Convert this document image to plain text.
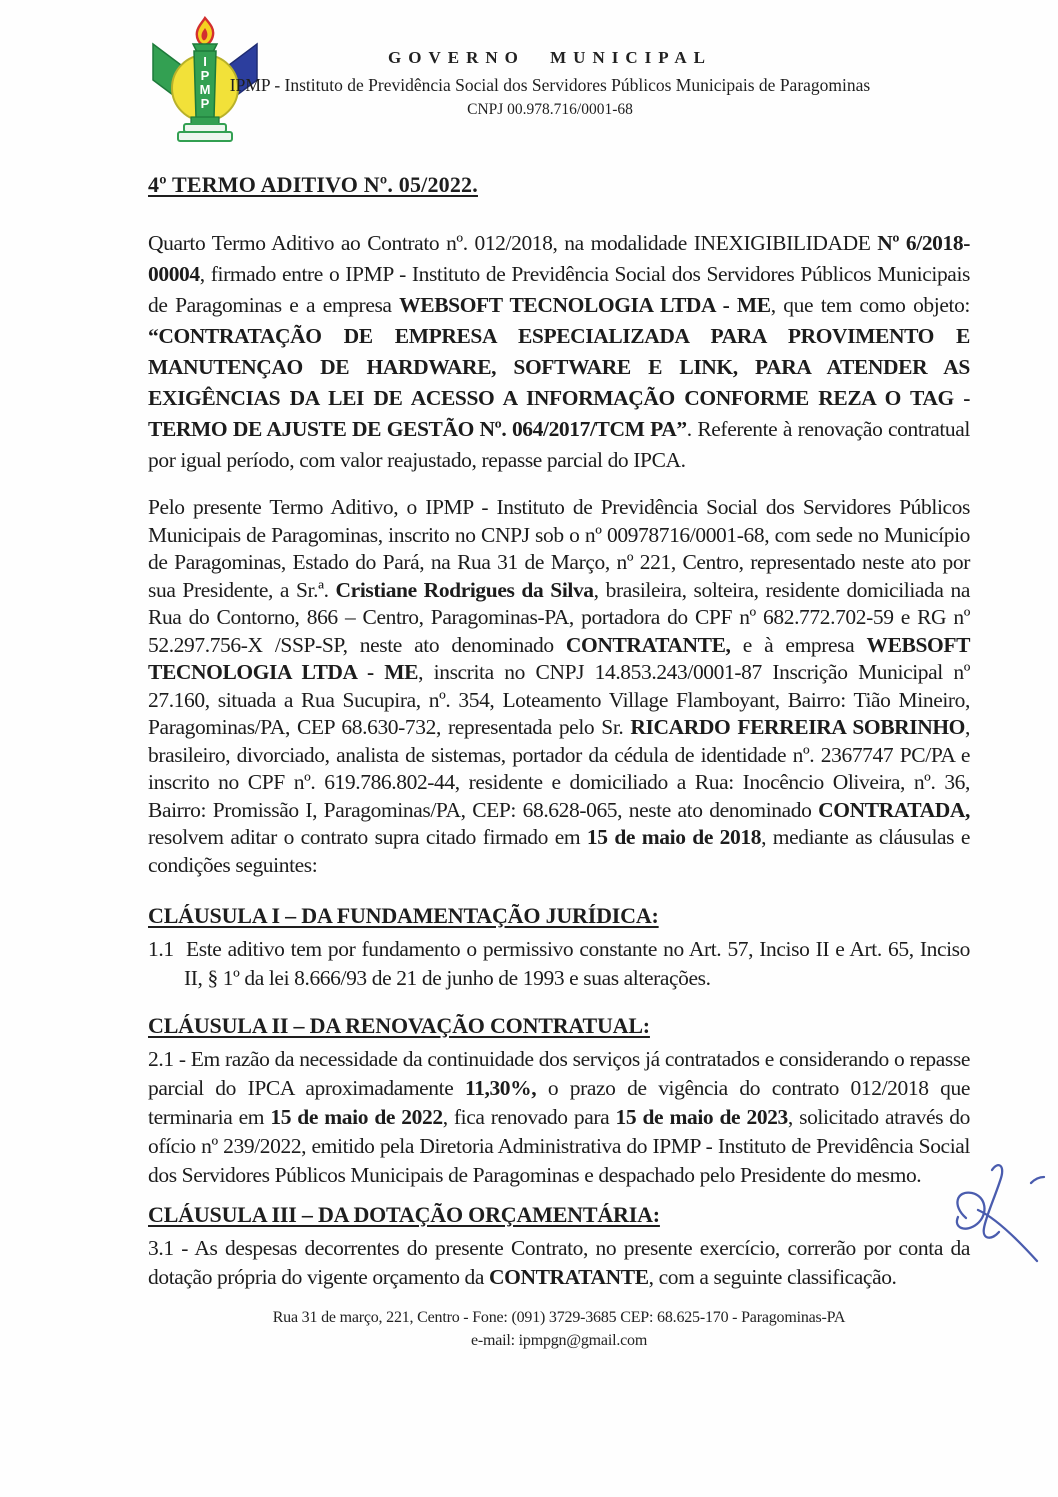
I
P
M
P
GOVERNO MUNICIPAL
IPMP - Instituto de Previdência Social dos Servidores Públicos Municipais de Paragominas
CNPJ 00.978.716/0001-68
4º TERMO ADITIVO Nº. 05/2022.

Quarto Termo Aditivo ao Contrato nº. 012/2018, na modalidade INEXIGIBILIDADE Nº 6/2018-00004, firmado entre o IPMP - Instituto de Previdência Social dos Servidores Públicos Municipais de Paragominas e a empresa WEBSOFT TECNOLOGIA LTDA - ME, que tem como objeto: “CONTRATAÇÃO DE EMPRESA ESPECIALIZADA PARA PROVIMENTO E MANUTENÇAO DE HARDWARE, SOFTWARE E LINK, PARA ATENDER AS EXIGÊNCIAS DA LEI DE ACESSO A INFORMAÇÃO CONFORME REZA O TAG - TERMO DE AJUSTE DE GESTÃO Nº. 064/2017/TCM PA”. Referente à renovação contratual por igual período, com valor reajustado, repasse parcial do IPCA.

Pelo presente Termo Aditivo, o IPMP - Instituto de Previdência Social dos Servidores Públicos Municipais de Paragominas, inscrito no CNPJ sob o nº 00978716/0001-68, com sede no Município de Paragominas, Estado do Pará, na Rua 31 de Março, nº 221, Centro, representado neste ato por sua Presidente, a Sr.ª. Cristiane Rodrigues da Silva, brasileira, solteira, residente domiciliada na Rua do Contorno, 866 – Centro, Paragominas-PA, portadora do CPF nº 682.772.702-59 e RG nº 52.297.756-X /SSP-SP, neste ato denominado CONTRATANTE, e à empresa WEBSOFT TECNOLOGIA LTDA - ME, inscrita no CNPJ 14.853.243/0001-87 Inscrição Municipal nº 27.160, situada a Rua Sucupira, nº. 354, Loteamento Village Flamboyant, Bairro: Tião Mineiro, Paragominas/PA, CEP 68.630-732, representada pelo Sr. RICARDO FERREIRA SOBRINHO, brasileiro, divorciado, analista de sistemas, portador da cédula de identidade nº. 2367747 PC/PA e inscrito no CPF nº. 619.786.802-44, residente e domiciliado a Rua: Inocêncio Oliveira, nº. 36, Bairro: Promissão I, Paragominas/PA, CEP: 68.628-065, neste ato denominado CONTRATADA, resolvem aditar o contrato supra citado firmado em 15 de maio de 2018, mediante as cláusulas e condições seguintes:

CLÁUSULA I – DA FUNDAMENTAÇÃO JURÍDICA:

1.1  Este aditivo tem por fundamento o permissivo constante no Art. 57, Inciso II e Art. 65, Inciso II, § 1º da lei 8.666/93 de 21 de junho de 1993 e suas alterações.

CLÁUSULA II – DA RENOVAÇÃO CONTRATUAL:

2.1 - Em razão da necessidade da continuidade dos serviços já contratados e considerando o repasse parcial do IPCA aproximadamente 11,30%, o prazo de vigência do contrato 012/2018 que terminaria em 15 de maio de 2022, fica renovado para 15 de maio de 2023, solicitado através do ofício nº 239/2022, emitido pela Diretoria Administrativa do IPMP - Instituto de Previdência Social dos Servidores Públicos Municipais de Paragominas e despachado pelo Presidente do mesmo.

CLÁUSULA III – DA DOTAÇÃO ORÇAMENTÁRIA:

3.1 - As despesas decorrentes do presente Contrato, no presente exercício, correrão por conta da dotação própria do vigente orçamento da CONTRATANTE, com a seguinte classificação.

Rua 31 de março, 221, Centro - Fone: (091) 3729-3685 CEP: 68.625-170 - Paragominas-PA
e-mail: ipmpgn@gmail.com
